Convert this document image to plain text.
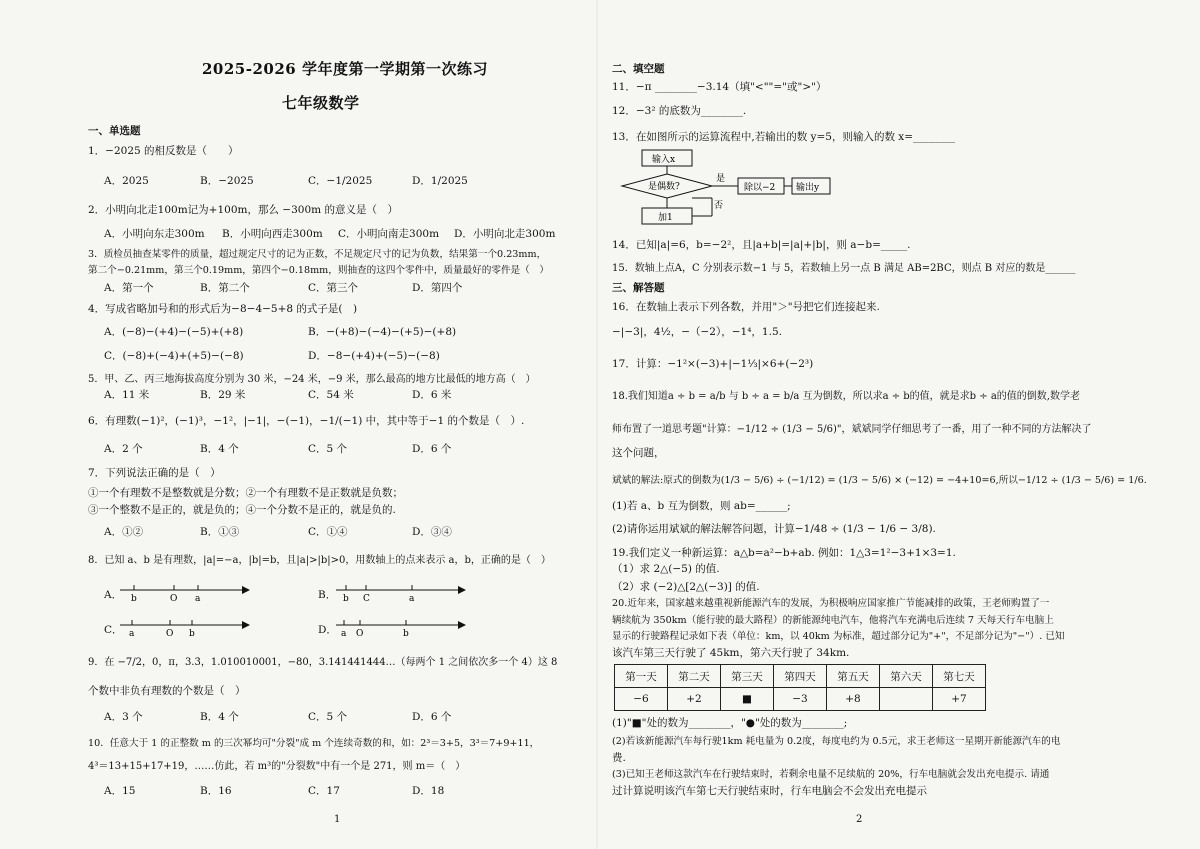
2025-2026 学年度第一学期第一次练习
七年级数学
一、单选题
1．−2025 的相反数是（　　）
A．2025	B．−2025	C．−1/2025	D．1/2025
2．小明向北走100m记为+100m，那么 −300m 的意义是（　）
A．小明向东走300m B．小明向西走300m C．小明向南走300m D．小明向北走300m
3．质检员抽查某零件的质量，超过规定尺寸的记为正数，不足规定尺寸的记为负数，结果第一个0.23mm，
第二个−0.21mm，第三个0.19mm，第四个−0.18mm，则抽查的这四个零件中，质量最好的零件是（　）
A．第一个	B．第二个	C．第三个	D．第四个
4．写成省略加号和的形式后为−8−4−5+8 的式子是(　)
A．(−8)−(+4)−(−5)+(+8)	B．−(+8)−(−4)−(+5)−(+8)
C．(−8)+(−4)+(+5)−(−8)	D．−8−(+4)+(−5)−(−8)
5．甲、乙、丙三地海拔高度分别为 30 米，−24 米，−9 米，那么最高的地方比最低的地方高（　）
A．11 米	B．29 米	C．54 米	D．6 米
6．有理数(−1)²，(−1)³，−1²，|−1|，−(−1)，−1/(−1) 中，其中等于−1 的个数是（　）.
A．2 个	B．4 个	C．5 个	D．6 个
7．下列说法正确的是（　）
①一个有理数不是整数就是分数；②一个有理数不是正数就是负数；
③一个整数不是正的，就是负的；④一个分数不是正的，就是负的.
A．①②	B．①③	C．①④	D．③④
8．已知 a、b 是有理数，|a|=−a，|b|=b，且|a|>|b|>0，用数轴上的点来表示 a，b，正确的是（　）
A．	B．
C．	D．
b	O a	b C	a
a	O b	a O	b
9．在 −7/2，0，π，3.3̇，1.010010001，−80，3.141441444…（每两个 1 之间依次多一个 4）这 8
个数中非负有理数的个数是（　）
A．3 个	B．4 个	C．5 个	D．6 个
10．任意大于 1 的正整数 m 的三次幂均可"分裂"成 m 个连续奇数的和，如：2³＝3+5，3³＝7+9+11，
4³＝13+15+17+19，……仿此，若 m³的"分裂数"中有一个是 271，则 m＝（　）
A．15	B．16	C．17	D．18
1
二、填空题
11．−π ________−3.14（填"<""="或">"）
12．−3² 的底数为________.
13．在如图所示的运算流程中,若输出的数 y=5，则输入的数 x=________
输入x
是偶数?
是
除以−2 输出y
加1
否
14．已知|a|=6，b=−2²，且|a+b|=|a|+|b|，则 a−b=_____.
15．数轴上点A，C 分别表示数−1 与 5，若数轴上另一点 B 满足 AB=2BC，则点 B 对应的数是______
三、解答题
16．在数轴上表示下列各数，并用"＞"号把它们连接起来.
−|−3|，4½，−（−2），−1⁴，1.5.
17．计算：−1²×(−3)+|−1⅓|×6+(−2³)
18.我们知道a ÷ b = a/b 与 b ÷ a = b/a 互为倒数，所以求a ÷ b的值，就是求b ÷ a的值的倒数,数学老
师布置了一道思考题"计算：−1/12 ÷ (1/3 − 5/6)"，斌斌同学仔细思考了一番，用了一种不同的方法解决了
这个问题，
斌斌的解法:原式的倒数为(1/3 − 5/6) ÷ (−1/12) = (1/3 − 5/6) × (−12) = −4+10=6,所以−1/12 ÷ (1/3 − 5/6) = 1/6.
(1)若 a、b 互为倒数，则 ab=______;
(2)请你运用斌斌的解法解答问题，计算−1/48 ÷ (1/3 − 1/6 − 3/8).
19.我们定义一种新运算：a△b=a²−b+ab. 例如：1△3=1²−3+1×3=1.
（1）求 2△(−5) 的值.
（2）求 (−2)△[2△(−3)] 的值.
20.近年来，国家越来越重视新能源汽车的发展，为积极响应国家推广节能减排的政策，王老师购置了一
辆续航为 350km（能行驶的最大路程）的新能源纯电汽车，他将汽车充满电后连续 7 天每天行车电脑上
显示的行驶路程记录如下表（单位：km，以 40km 为标准，超过部分记为"+"，不足部分记为"−"）. 已知
该汽车第三天行驶了 45km，第六天行驶了 34km.
第一天	第二天	第三天	第四天	第五天	第六天	第七天
−6	+2	■	−3	+8		+7
(1)"■"处的数为________，"●"处的数为________;
(2)若该新能源汽车每行驶1km 耗电量为 0.2度，每度电约为 0.5元，求王老师这一星期开新能源汽车的电
费.
(3)已知王老师这款汽车在行驶结束时，若剩余电量不足续航的 20%，行车电脑就会发出充电提示. 请通
过计算说明该汽车第七天行驶结束时，行车电脑会不会发出充电提示
2
